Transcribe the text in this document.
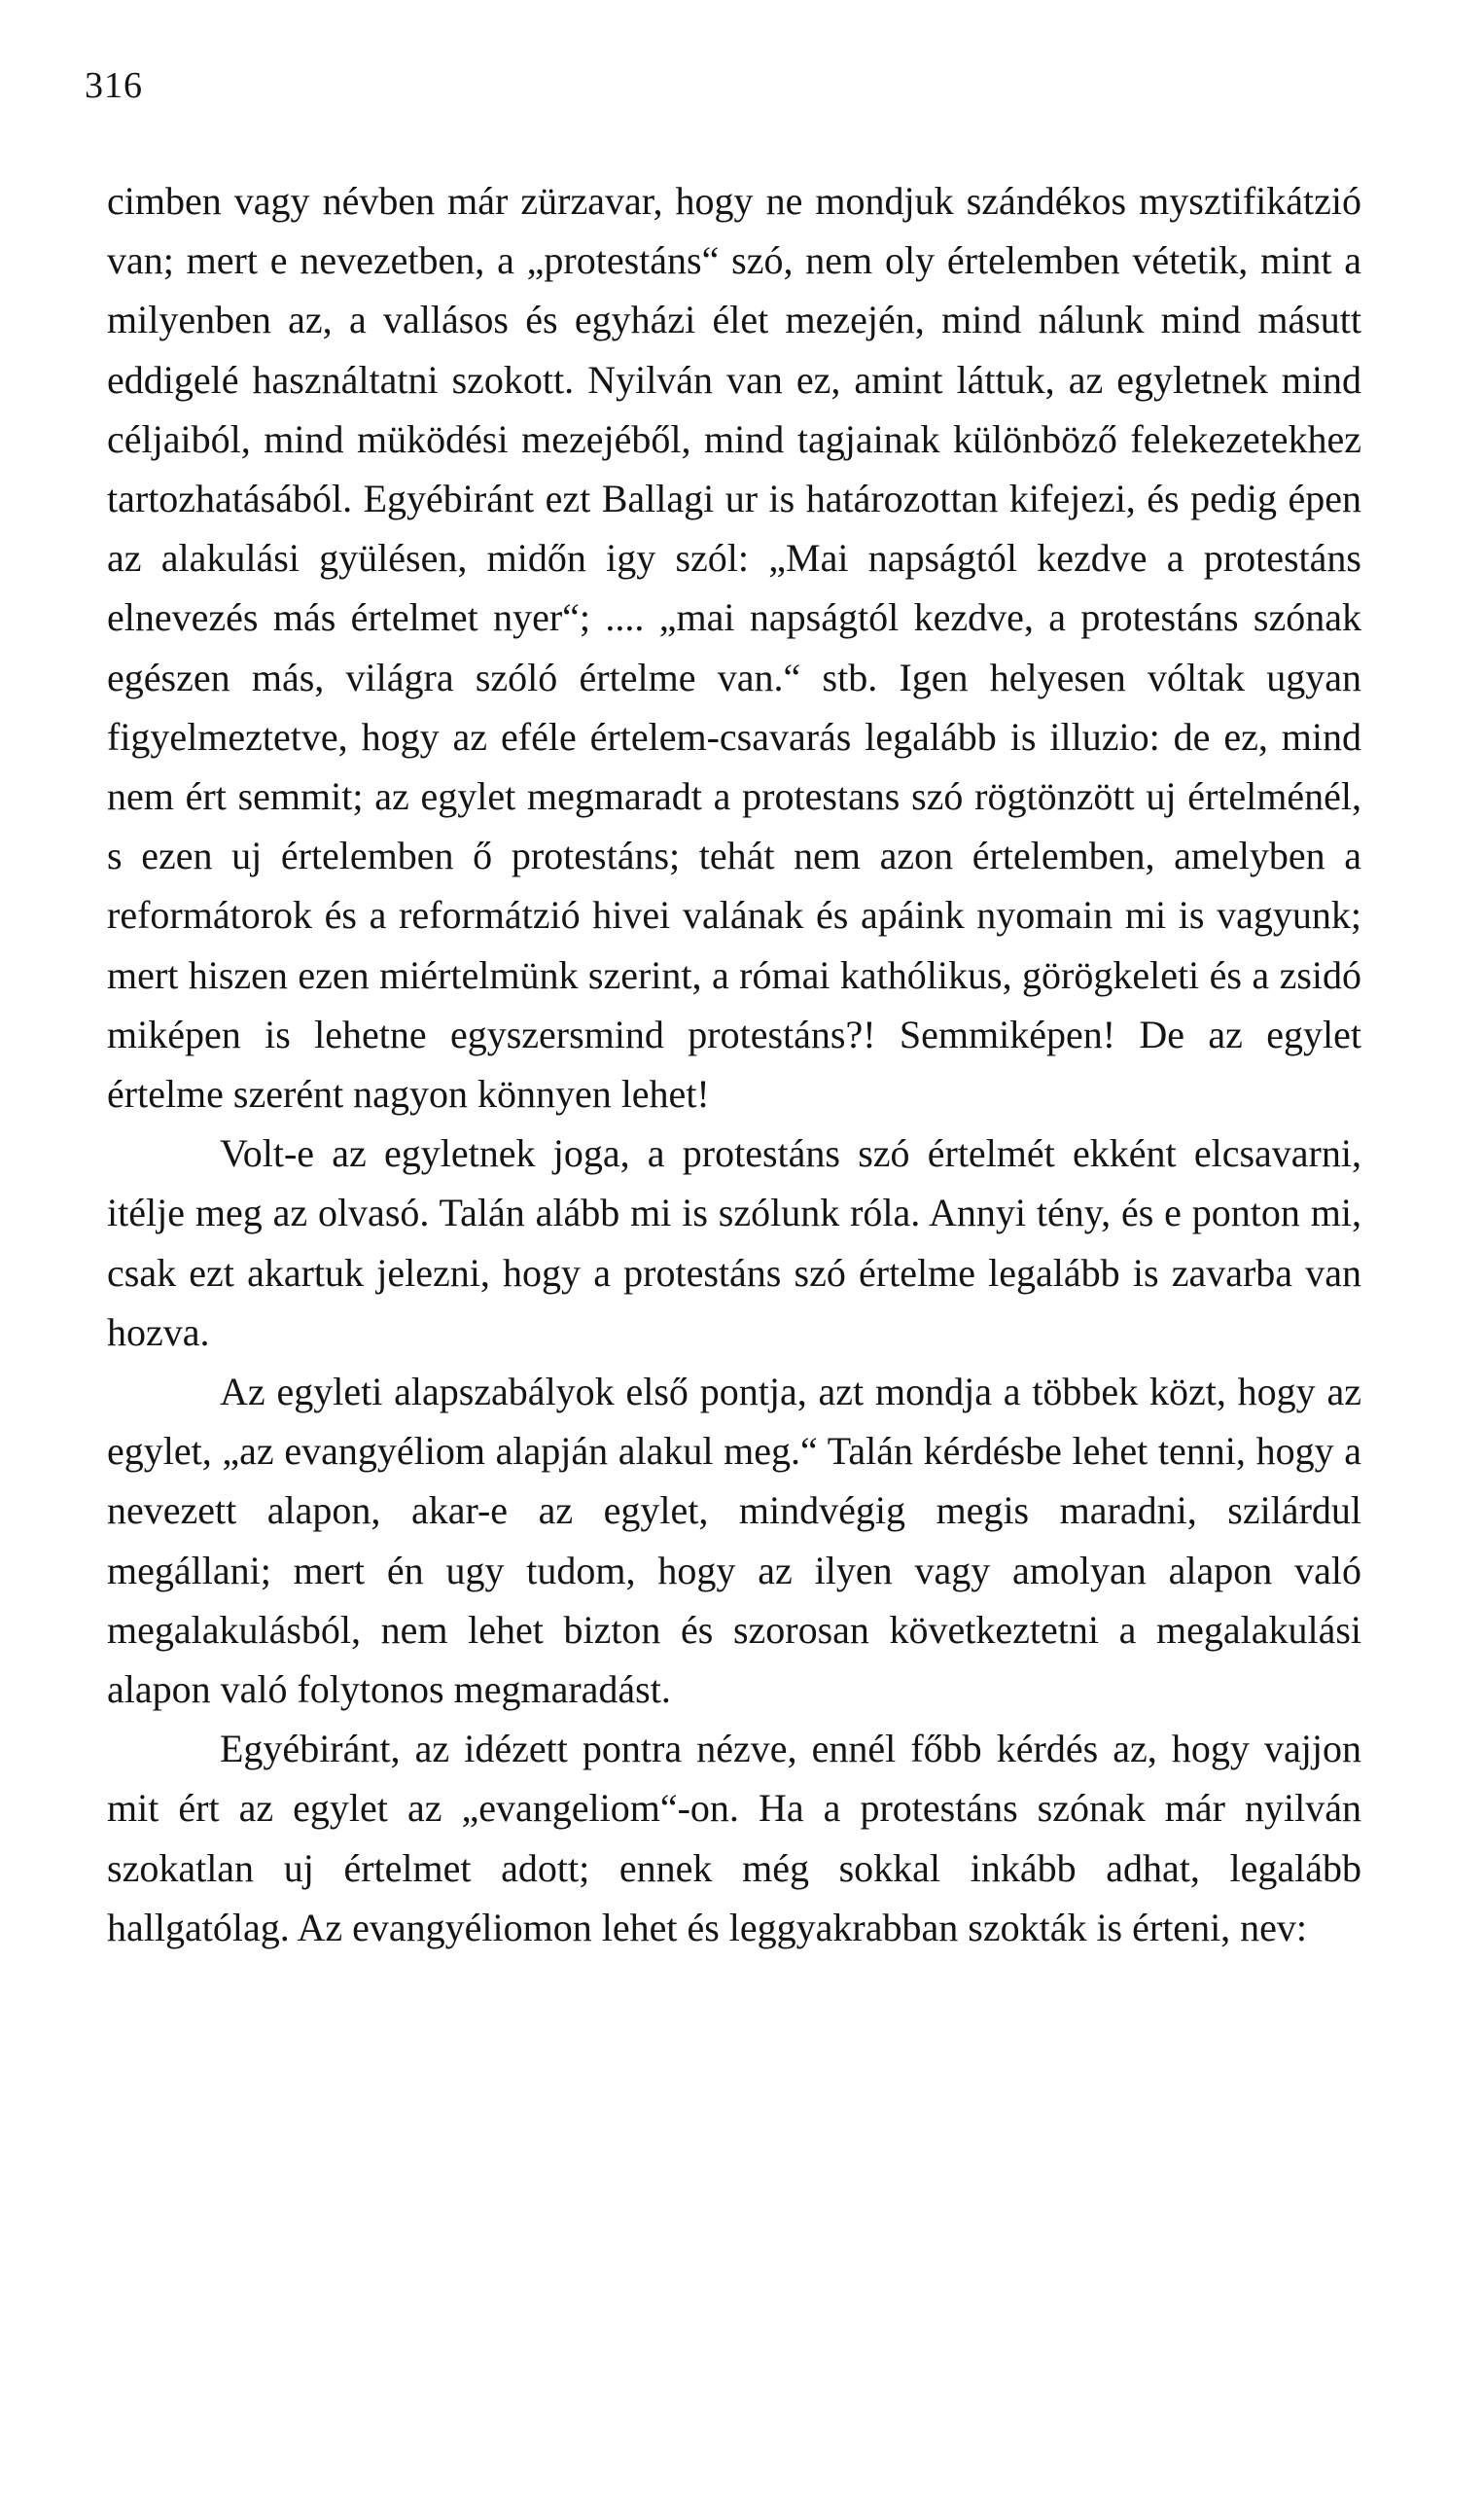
316

cimben vagy névben már zürzavar, hogy ne mondjuk szándékos mysztifikátzió van; mert e nevezetben, a „protestáns“ szó, nem oly értelemben vétetik, mint a milyenben az, a vallásos és egyházi élet mezején, mind nálunk mind másutt eddigelé használtatni szokott. Nyilván van ez, amint láttuk, az egyletnek mind céljaiból, mind müködési mezejéből, mind tagjainak különböző felekezetekhez tartozhatásából. Egyébiránt ezt Ballagi ur is határozottan kifejezi, és pedig épen az alakulási gyülésen, midőn igy szól: „Mai napságtól kezdve a protestáns elnevezés más értelmet nyer“; .... „mai napságtól kezdve, a protestáns szónak egészen más, világra szóló értelme van.“ stb. Igen helyesen vóltak ugyan figyelmeztetve, hogy az eféle értelem-csavarás legalább is illuzio: de ez, mind nem ért semmit; az egylet megmaradt a protestans szó rögtönzött uj értelménél, s ezen uj értelemben ő protestáns; tehát nem azon értelemben, amelyben a reformátorok és a reformátzió hivei valának és apáink nyomain mi is vagyunk; mert hiszen ezen miértelmünk szerint, a római kathólikus, görögkeleti és a zsidó miképen is lehetne egyszersmind protestáns?! Semmiképen! De az egylet értelme szerént nagyon könnyen lehet!

Volt-e az egyletnek joga, a protestáns szó értelmét ekként elcsavarni, itélje meg az olvasó. Talán alább mi is szólunk róla. Annyi tény, és e ponton mi, csak ezt akartuk jelezni, hogy a protestáns szó értelme legalább is zavarba van hozva.

Az egyleti alapszabályok első pontja, azt mondja a többek közt, hogy az egylet, „az evangyéliom alapján alakul meg.“ Talán kérdésbe lehet tenni, hogy a nevezett alapon, akar-e az egylet, mindvégig megis maradni, szilárdul megállani; mert én ugy tudom, hogy az ilyen vagy amolyan alapon való megalakulásból, nem lehet bizton és szorosan következtetni a megalakulási alapon való folytonos megmaradást.

Egyébiránt, az idézett pontra nézve, ennél főbb kérdés az, hogy vajjon mit ért az egylet az „evangeliom“-on. Ha a protestáns szónak már nyilván szokatlan uj értelmet adott; ennek még sokkal inkább adhat, legalább hallgatólag. Az evangyéliomon lehet és leggyakrabban szokták is érteni, nev:
